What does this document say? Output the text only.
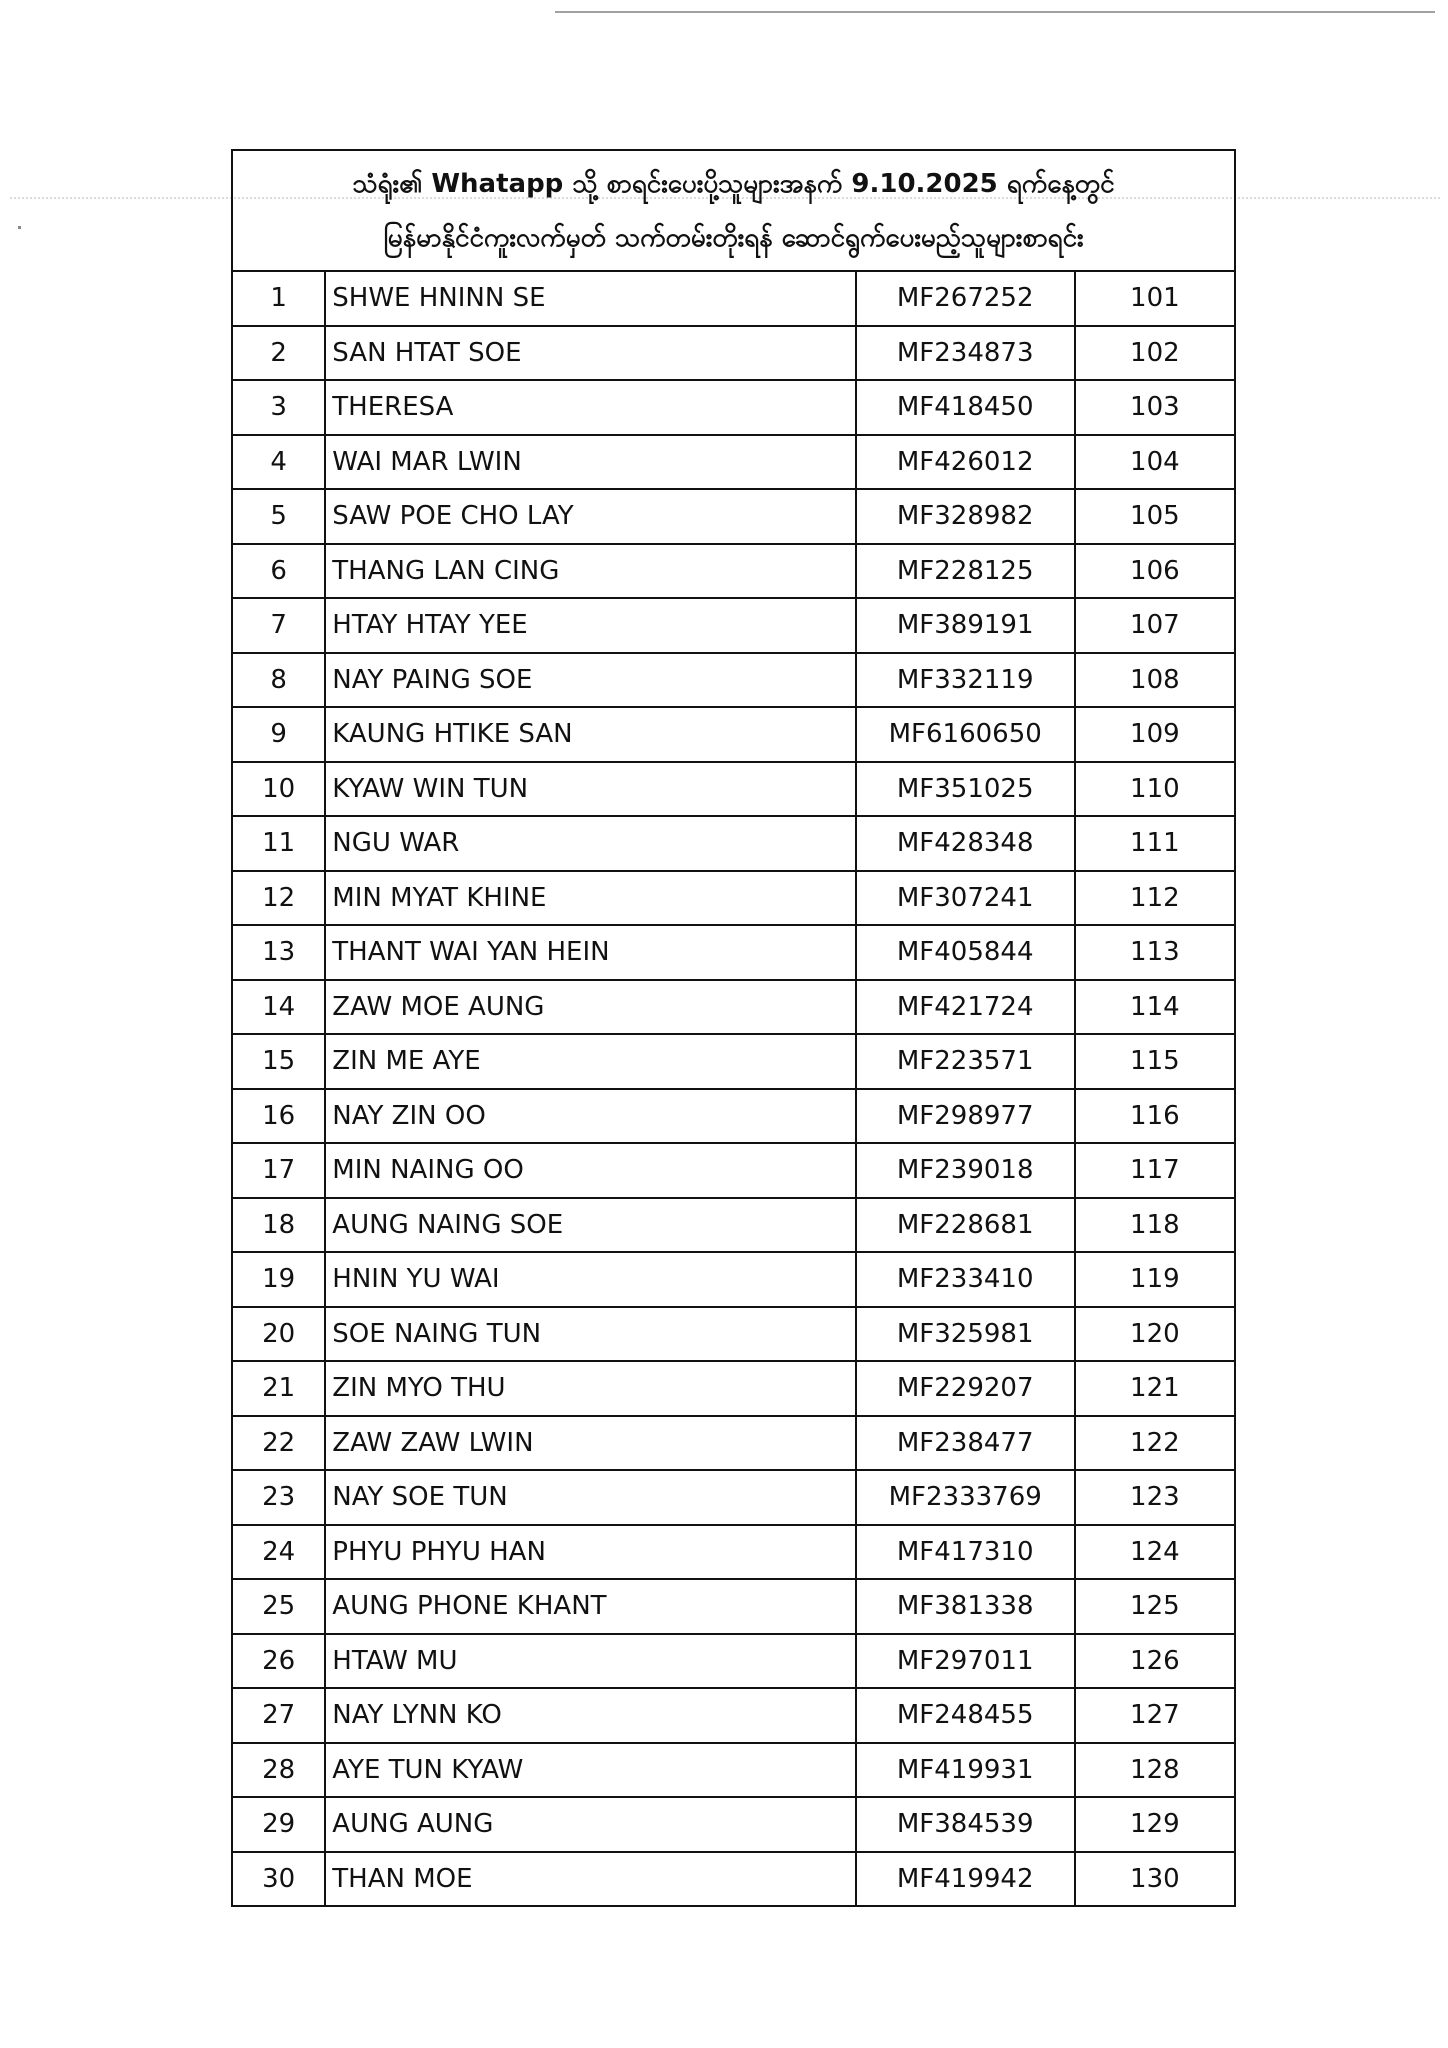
သံရုံး၏ Whatapp သို့ စာရင်းပေးပို့သူများအနက် 9.10.2025 ရက်နေ့တွင်
မြန်မာနိုင်ငံကူးလက်မှတ် သက်တမ်းတိုးရန် ဆောင်ရွက်ပေးမည့်သူများစာရင်း			

1	SHWE HNINN SE	MF267252	101
2	SAN HTAT SOE	MF234873	102
3	THERESA	MF418450	103
4	WAI MAR LWIN	MF426012	104
5	SAW POE CHO LAY	MF328982	105
6	THANG LAN CING	MF228125	106
7	HTAY HTAY YEE	MF389191	107
8	NAY PAING SOE	MF332119	108
9	KAUNG HTIKE SAN	MF6160650	109
10	KYAW WIN TUN	MF351025	110
11	NGU WAR	MF428348	111
12	MIN MYAT KHINE	MF307241	112
13	THANT WAI YAN HEIN	MF405844	113
14	ZAW MOE AUNG	MF421724	114
15	ZIN ME AYE	MF223571	115
16	NAY ZIN OO	MF298977	116
17	MIN NAING OO	MF239018	117
18	AUNG NAING SOE	MF228681	118
19	HNIN YU WAI	MF233410	119
20	SOE NAING TUN	MF325981	120
21	ZIN MYO THU	MF229207	121
22	ZAW ZAW LWIN	MF238477	122
23	NAY SOE TUN	MF2333769	123
24	PHYU PHYU HAN	MF417310	124
25	AUNG PHONE KHANT	MF381338	125
26	HTAW MU	MF297011	126
27	NAY LYNN KO	MF248455	127
28	AYE TUN KYAW	MF419931	128
29	AUNG AUNG	MF384539	129
30	THAN MOE	MF419942	130
